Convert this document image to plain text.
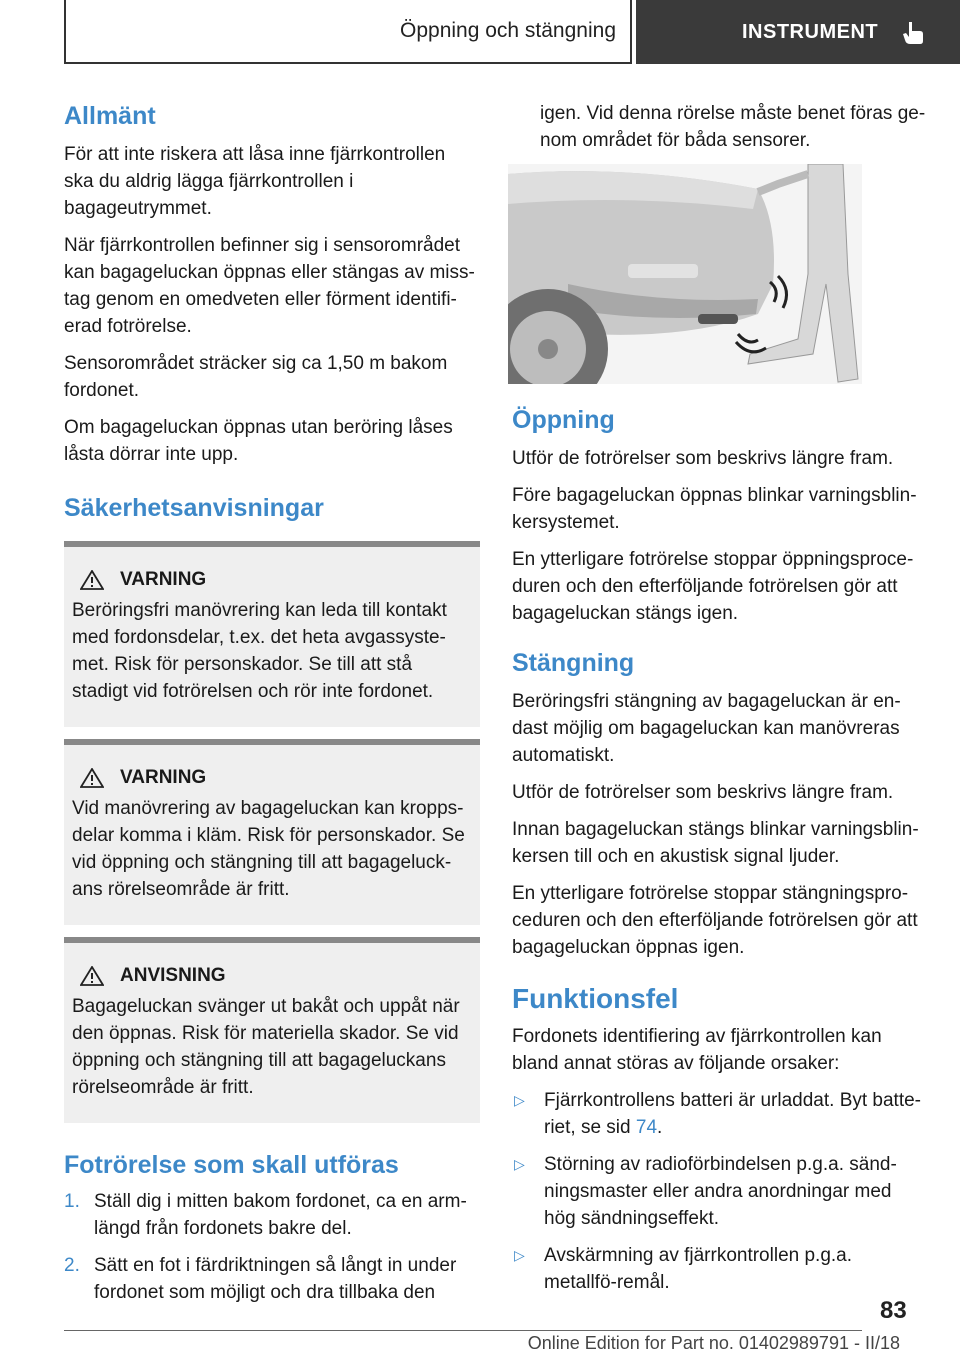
Öppning och stängning	INSTRUMENT
Allmänt

För att inte riskera att låsa inne fjärrkontrollen ska du aldrig lägga fjärrkontrollen i bagageutrymmet.

När fjärrkontrollen befinner sig i sensorområdet kan bagageluckan öppnas eller stängas av miss-tag genom en omedveten eller förment identifi-erad fotrörelse.

Sensorområdet sträcker sig ca 1,50 m bakom fordonet.

Om bagageluckan öppnas utan beröring låses låsta dörrar inte upp.

Säkerhetsanvisningar
VARNING

Beröringsfri manövrering kan leda till kontakt med fordonsdelar, t.ex. det heta avgassyste-met. Risk för personskador. Se till att stå stadigt vid fotrörelsen och rör inte fordonet.

VARNING

Vid manövrering av bagageluckan kan kropps-delar komma i kläm. Risk för personskador. Se vid öppning och stängning till att bagageluck-ans rörelseområde är fritt.

ANVISNING

Bagageluckan svänger ut bakåt och uppåt när den öppnas. Risk för materiella skador. Se vid öppning och stängning till att bagageluckans rörelseområde är fritt.

Fotrörelse som skall utföras
1. Ställ dig i mitten bakom fordonet, ca en arm-längd från fordonets bakre del.
2. Sätt en fot i färdriktningen så långt in under fordonet som möjligt och dra tillbaka den

igen. Vid denna rörelse måste benet föras ge-nom området för båda sensorer.

Öppning

Utför de fotrörelser som beskrivs längre fram.

Före bagageluckan öppnas blinkar varningsblin-kersystemet.

En ytterligare fotrörelse stoppar öppningsproce-duren och den efterföljande fotrörelsen gör att bagageluckan stängs igen.

Stängning

Beröringsfri stängning av bagageluckan är en-dast möjlig om bagageluckan kan manövreras automatiskt.

Utför de fotrörelser som beskrivs längre fram.

Innan bagageluckan stängs blinkar varningsblin-kersen till och en akustisk signal ljuder.

En ytterligare fotrörelse stoppar stängningspro-ceduren och den efterföljande fotrörelsen gör att bagageluckan öppnas igen.

Funktionsfel

Fordonets identifiering av fjärrkontrollen kan bland annat störas av följande orsaker:

▷	Fjärrkontrollens batteri är urladdat. Byt batte-riet, se sid 74.
▷	Störning av radioförbindelsen p.g.a. sänd-ningsmaster eller andra anordningar med hög sändningseffekt.
▷	Avskärmning av fjärrkontrollen p.g.a. metallfö-remål.
83
Online Edition for Part no. 01402989791 - II/18
